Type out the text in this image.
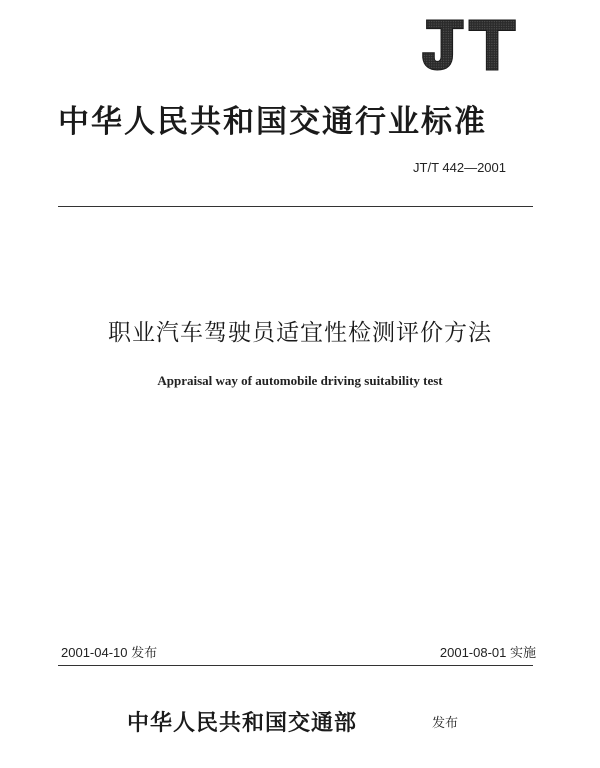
中华人民共和国交通行业标准
JT/T 442—2001
职业汽车驾驶员适宜性检测评价方法
Appraisal way of automobile driving suitability test
2001-04-10 发布	2001-08-01 实施
中华人民共和国交通部	发布
